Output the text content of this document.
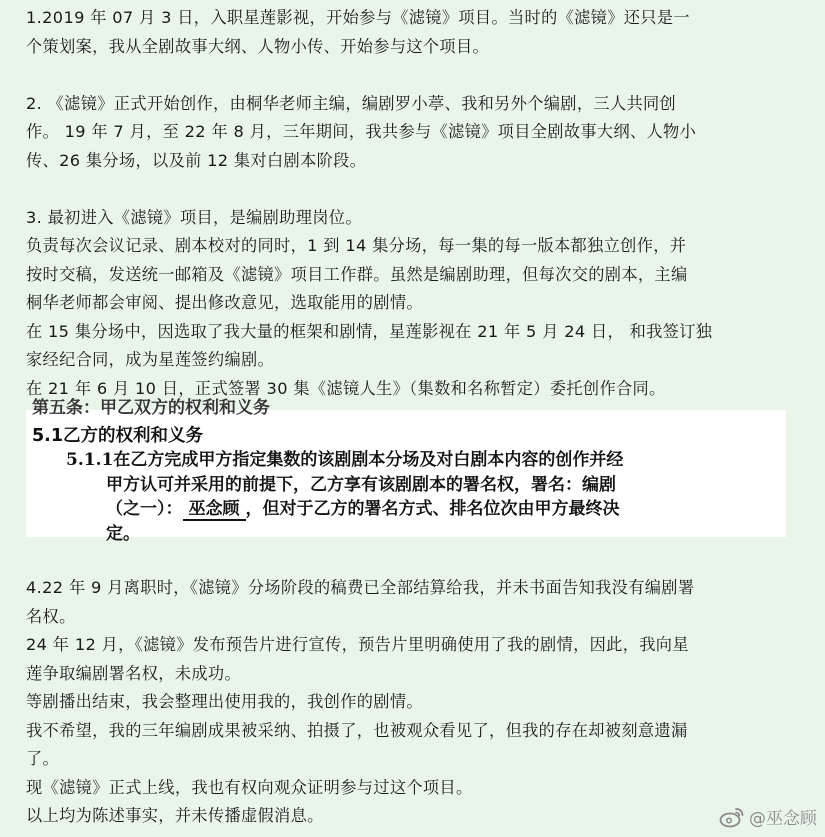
1.2019 年 07 月 3 日，入职星莲影视，开始参与《滤镜》项目。当时的《滤镜》还只是一
个策划案，我从全剧故事大纲、人物小传、开始参与这个项目。
2. 《滤镜》正式开始创作，由桐华老师主编，编剧罗小葶、我和另外个编剧，三人共同创
作。 19 年 7 月，至 22 年 8 月，三年期间，我共参与《滤镜》项目全剧故事大纲、人物小
传、26 集分场，以及前 12 集对白剧本阶段。
3. 最初进入《滤镜》项目，是编剧助理岗位。
负责每次会议记录、剧本校对的同时，1 到 14 集分场，每一集的每一版本都独立创作，并
按时交稿，发送统一邮箱及《滤镜》项目工作群。虽然是编剧助理，但每次交的剧本，主编
桐华老师都会审阅、提出修改意见，选取能用的剧情。
在 15 集分场中，因选取了我大量的框架和剧情，星莲影视在 21 年 5 月 24 日， 和我签订独
家经纪合同，成为星莲签约编剧。
在 21 年 6 月 10 日，正式签署 30 集《滤镜人生》（集数和名称暂定）委托创作合同。
第五条：甲乙双方的权利和义务
5.1乙方的权利和义务
5.1.1在乙方完成甲方指定集数的该剧剧本分场及对白剧本内容的创作并经
甲方认可并采用的前提下，乙方享有该剧剧本的署名权，署名：编剧
（之一）： 巫念顾 ，但对于乙方的署名方式、排名位次由甲方最终决
定。
4.22 年 9 月离职时，《滤镜》分场阶段的稿费已全部结算给我，并未书面告知我没有编剧署
名权。
24 年 12 月，《滤镜》发布预告片进行宣传，预告片里明确使用了我的剧情，因此，我向星
莲争取编剧署名权，未成功。
等剧播出结束，我会整理出使用我的，我创作的剧情。
我不希望，我的三年编剧成果被采纳、拍摄了，也被观众看见了，但我的存在却被刻意遗漏
了。
现《滤镜》正式上线，我也有权向观众证明参与过这个项目。
以上均为陈述事实，并未传播虚假消息。	@巫念顾
